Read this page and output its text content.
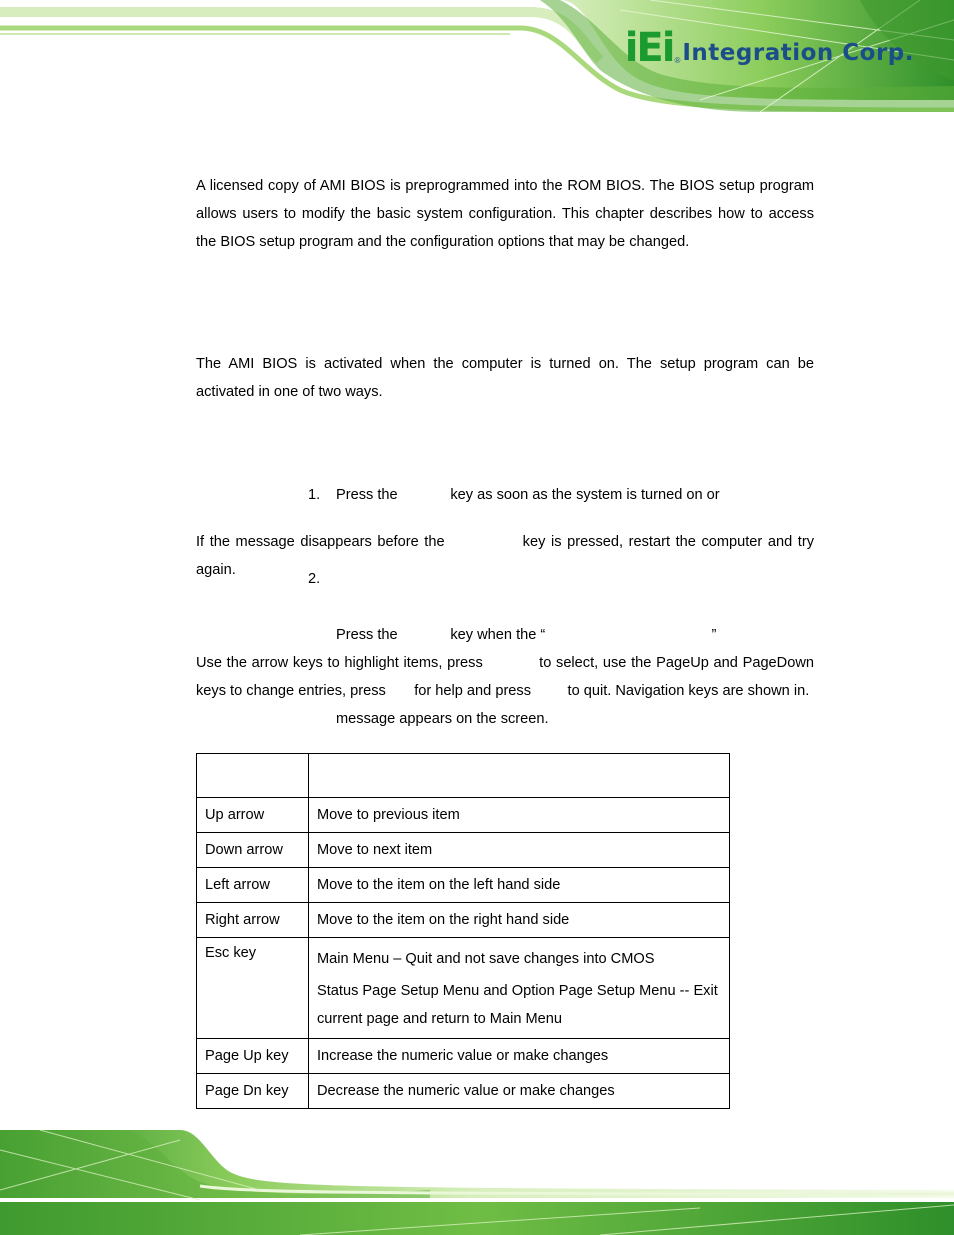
iEi ® Integration Corp.
A licensed copy of AMI BIOS is preprogrammed into the ROM BIOS. The BIOS setup program allows users to modify the basic system configuration. This chapter describes how to access the BIOS setup program and the configuration options that may be changed.
The AMI BIOS is activated when the computer is turned on. The setup program can be activated in one of two ways.

1.	Press the             key as soon as the system is turned on or

2.

Press the             key when the “                                         ”

message appears on the screen.

If the message disappears before the              key is pressed, restart the computer and try again.
Use the arrow keys to highlight items, press            to select, use the PageUp and PageDown keys to change entries, press       for help and press         to quit. Navigation keys are shown in.

Up arrow	Move to previous item
Down arrow	Move to next item
Left arrow	Move to the item on the left hand side
Right arrow	Move to the item on the right hand side
Esc key	Main Menu – Quit and not save changes into CMOS
Status Page Setup Menu and Option Page Setup Menu -- Exit current page and return to Main Menu

Page Up key	Increase the numeric value or make changes
Page Dn key	Decrease the numeric value or make changes
